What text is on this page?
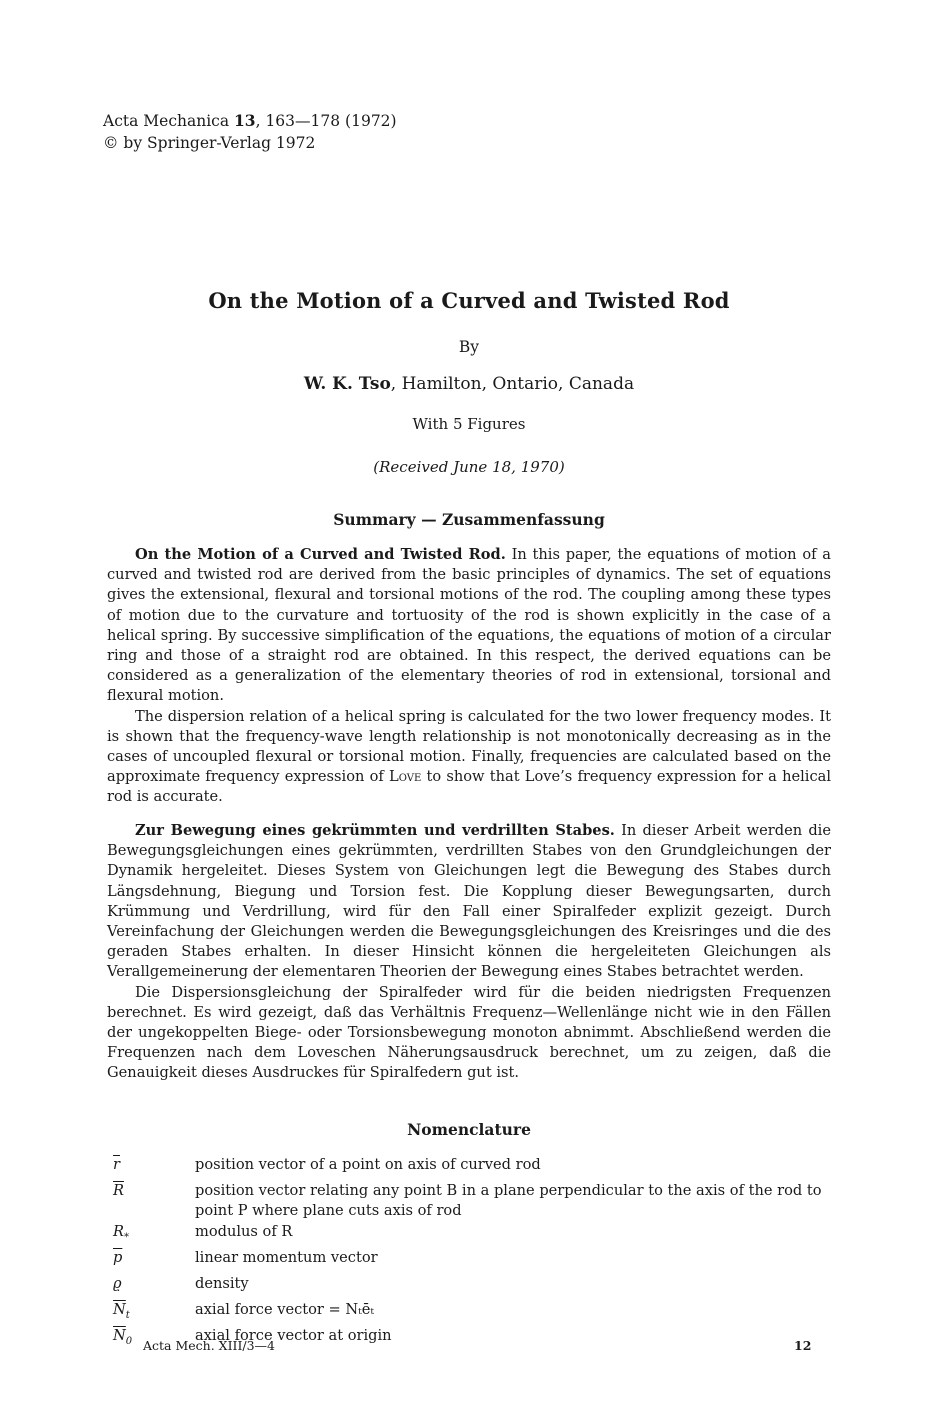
Acta Mechanica 13, 163—178 (1972)
© by Springer-Verlag 1972
On the Motion of a Curved and Twisted Rod
By
W. K. Tso, Hamilton, Ontario, Canada
With 5 Figures
(Received June 18, 1970)
Summary — Zusammenfassung

On the Motion of a Curved and Twisted Rod. In this paper, the equations of motion of a curved and twisted rod are derived from the basic principles of dynamics. The set of equations gives the extensional, flexural and torsional motions of the rod. The coupling among these types of motion due to the curvature and tortuosity of the rod is shown explicitly in the case of a helical spring. By successive simplification of the equations, the equations of motion of a circular ring and those of a straight rod are obtained. In this respect, the derived equations can be considered as a generalization of the elementary theories of rod in extensional, torsional and flexural motion.

The dispersion relation of a helical spring is calculated for the two lower frequency modes. It is shown that the frequency-wave length relationship is not monotonically decreasing as in the cases of uncoupled flexural or torsional motion. Finally, frequencies are calculated based on the approximate frequency expression of Love to show that Love’s frequency expression for a helical rod is accurate.

Zur Bewegung eines gekrümmten und verdrillten Stabes. In dieser Arbeit werden die Bewegungsgleichungen eines gekrümmten, verdrillten Stabes von den Grundgleichungen der Dynamik hergeleitet. Dieses System von Gleichungen legt die Bewegung des Stabes durch Längsdehnung, Biegung und Torsion fest. Die Kopplung dieser Bewegungsarten, durch Krümmung und Verdrillung, wird für den Fall einer Spiralfeder explizit gezeigt. Durch Vereinfachung der Gleichungen werden die Bewegungsgleichungen des Kreisringes und die des geraden Stabes erhalten. In dieser Hinsicht können die hergeleiteten Gleichungen als Verallgemeinerung der elementaren Theorien der Bewegung eines Stabes betrachtet werden.

Die Dispersionsgleichung der Spiralfeder wird für die beiden niedrigsten Frequenzen berechnet. Es wird gezeigt, daß das Verhältnis Frequenz—Wellenlänge nicht wie in den Fällen der ungekoppelten Biege- oder Torsionsbewegung monoton abnimmt. Abschließend werden die Frequenzen nach dem Loveschen Näherungsausdruck berechnet, um zu zeigen, daß die Genauigkeit dieses Ausdruckes für Spiralfedern gut ist.

Nomenclature
$\overline{r}$	position vector of a point on axis of curved rod
$\overline{R}$	position vector relating any point B in a plane perpendicular to the axis of the rod to point P where plane cuts axis of rod
$R_*$	modulus of R
$\overline{p}$	linear momentum vector
ϱ	density
$\overline{N}_t$	axial force vector = Nₜēₜ
$\overline{N}_0$	axial force vector at origin
Acta Mech. XIII/3—4	12
